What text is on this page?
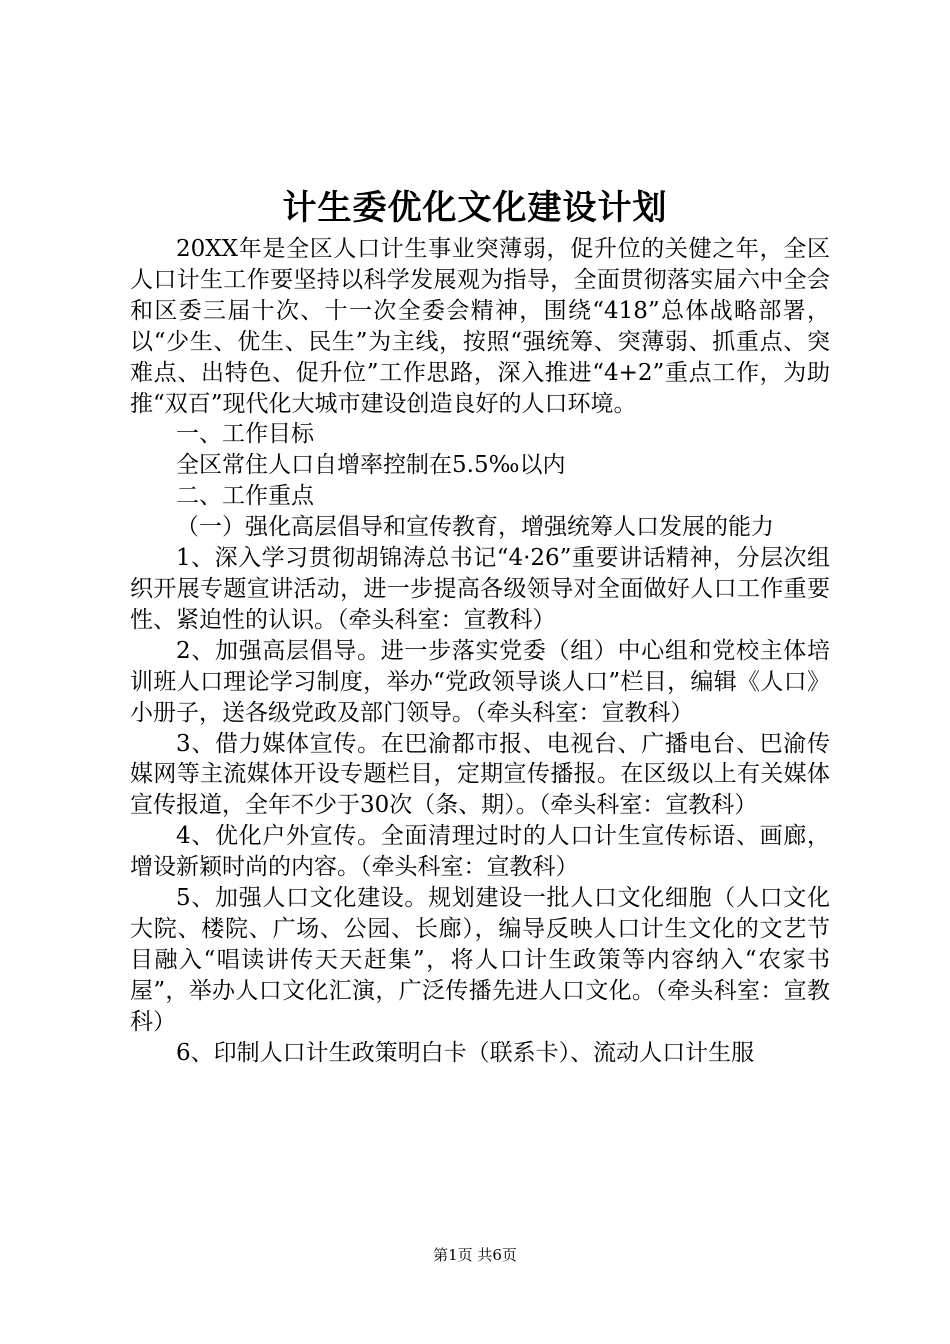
计生委优化文化建设计划

20XX年是全区人口计生事业突薄弱，促升位的关健之年，全区人口计生工作要坚持以科学发展观为指导，全面贯彻落实届六中全会和区委三届十次、十一次全委会精神，围绕“418”总体战略部署，以“少生、优生、民生”为主线，按照“强统筹、突薄弱、抓重点、突难点、出特色、促升位”工作思路，深入推进“4+2”重点工作，为助推“双百”现代化大城市建设创造良好的人口环境。

一、工作目标

全区常住人口自增率控制在5.5‰以内

二、工作重点

（一）强化高层倡导和宣传教育，增强统筹人口发展的能力

1、深入学习贯彻胡锦涛总书记“4·26”重要讲话精神，分层次组织开展专题宣讲活动，进一步提高各级领导对全面做好人口工作重要性、紧迫性的认识。（牵头科室：宣教科）

2、加强高层倡导。进一步落实党委（组）中心组和党校主体培训班人口理论学习制度，举办“党政领导谈人口”栏目，编辑《人口》小册子，送各级党政及部门领导。（牵头科室：宣教科）

3、借力媒体宣传。在巴渝都市报、电视台、广播电台、巴渝传媒网等主流媒体开设专题栏目，定期宣传播报。在区级以上有关媒体宣传报道，全年不少于30次（条、期）。（牵头科室：宣教科）

4、优化户外宣传。全面清理过时的人口计生宣传标语、画廊，增设新颖时尚的内容。（牵头科室：宣教科）

5、加强人口文化建设。规划建设一批人口文化细胞（人口文化大院、楼院、广场、公园、长廊），编导反映人口计生文化的文艺节目融入“唱读讲传天天赶集”，将人口计生政策等内容纳入“农家书屋”，举办人口文化汇演，广泛传播先进人口文化。（牵头科室：宣教科）

6、印制人口计生政策明白卡（联系卡）、流动人口计生服

第1页 共6页
